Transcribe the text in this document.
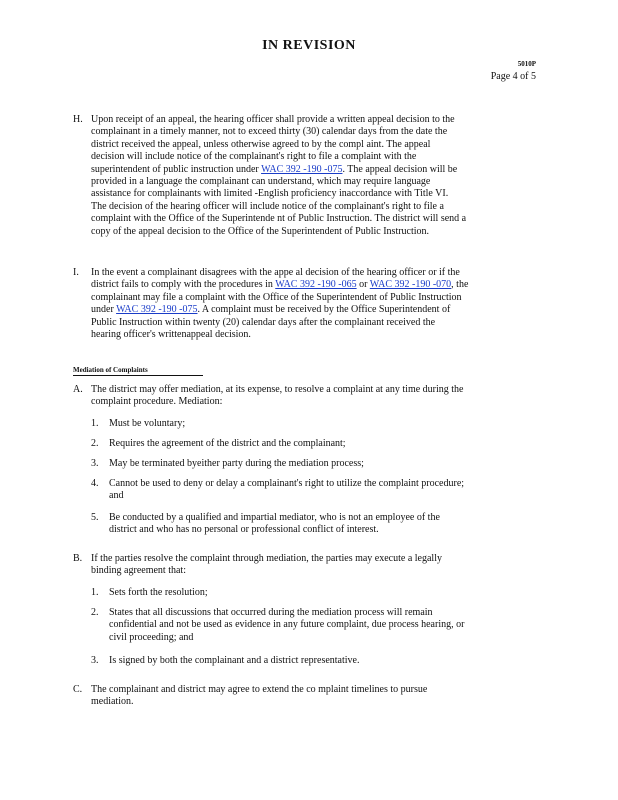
IN REVISION
5010P
Page 4 of 5
H. Upon receipt of an appeal, the hearing officer shall provide a written appeal decision to the
complainant in a timely manner, not to exceed thirty (30) calendar days from the date the
district received the appeal, unless otherwise agreed to by the compl aint. The appeal
decision will include notice of the complainant's right to file a complaint with the
superintendent of public instruction under WAC 392 -190 -075. The appeal decision will be
provided in a language the complainant can understand, which may require language
assistance for complainants with limited -English proficiency inaccordance with Title VI.
The decision of the hearing officer will include notice of the complainant's right to file a
complaint with the Office of the Superintende nt of Public Instruction. The district will send a
copy of the appeal decision to the Office of the Superintendent of Public Instruction.
I. In the event a complainant disagrees with the appe al decision of the hearing officer or if the
district fails to comply with the procedures in WAC 392 -190 -065 or WAC 392 -190 -070, the
complainant may file a complaint with the Office of the Superintendent of Public Instruction
under WAC 392 -190 -075. A complaint must be received by the Office Superintendent of
Public Instruction within twenty (20) calendar days after the complainant received the
hearing officer's writtenappeal decision.
Mediation of Complaints
A. The district may offer mediation, at its expense, to resolve a complaint at any time during the
complaint procedure. Mediation:
1. Must be voluntary;
2. Requires the agreement of the district and the complainant;
3. May be terminated byeither party during the mediation process;
4. Cannot be used to deny or delay a complainant's right to utilize the complaint procedure;
and
5. Be conducted by a qualified and impartial mediator, who is not an employee of the
district and who has no personal or professional conflict of interest.
B. If the parties resolve the complaint through mediation, the parties may execute a legally
binding agreement that:
1. Sets forth the resolution;
2. States that all discussions that occurred during the mediation process will remain
confidential and not be used as evidence in any future complaint, due process hearing, or
civil proceeding; and
3. Is signed by both the complainant and a district representative.
C. The complainant and district may agree to extend the co mplaint timelines to pursue
mediation.
